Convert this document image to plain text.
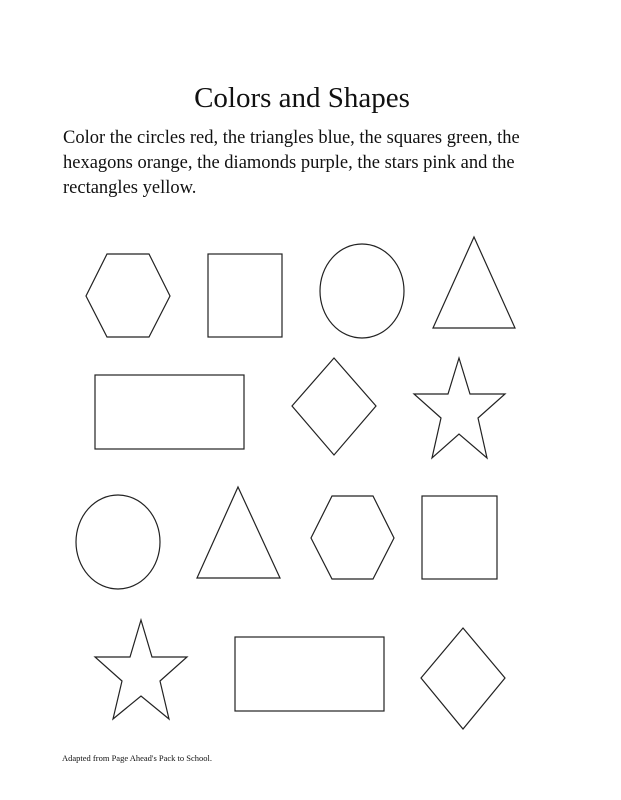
Colors and Shapes

Color the circles red, the triangles blue, the squares green, the hexagons orange, the diamonds purple, the stars pink and the rectangles yellow.

Adapted from Page Ahead's Pack to School.
